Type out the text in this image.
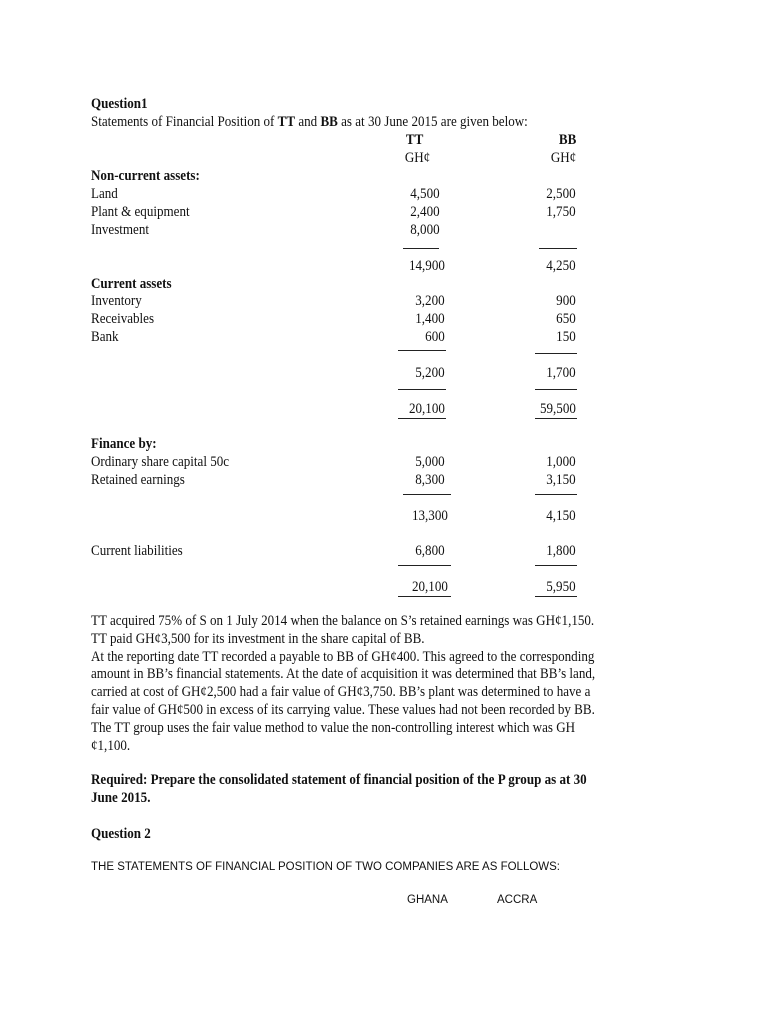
Question1
Statements of Financial Position of TT and BB as at 30 June 2015 are given below:
TT	BB
GH¢	GH¢
Non-current assets:
Land	4,500	2,500
Plant & equipment	2,400	1,750
Investment	8,000
14,900	4,250
Current assets
Inventory	3,200	900
Receivables	1,400	650
Bank	600	150
5,200	1,700
20,100	59,500
Finance by:
Ordinary share capital 50c	5,000	1,000
Retained earnings	8,300	3,150
13,300	4,150
Current liabilities	6,800	1,800
20,100	5,950
TT acquired 75% of S on 1 July 2014 when the balance on S’s retained earnings was GH¢1,150.
TT paid GH¢3,500 for its investment in the share capital of BB.
At the reporting date TT recorded a payable to BB of GH¢400. This agreed to the corresponding
amount in BB’s financial statements. At the date of acquisition it was determined that BB’s land,
carried at cost of GH¢2,500 had a fair value of GH¢3,750. BB’s plant was determined to have a
fair value of GH¢500 in excess of its carrying value. These values had not been recorded by BB.
The TT group uses the fair value method to value the non-controlling interest which was GH
¢1,100.
Required: Prepare the consolidated statement of financial position of the P group as at 30
June 2015.
Question 2
THE STATEMENTS OF FINANCIAL POSITION OF TWO COMPANIES ARE AS FOLLOWS:
GHANA	ACCRA
